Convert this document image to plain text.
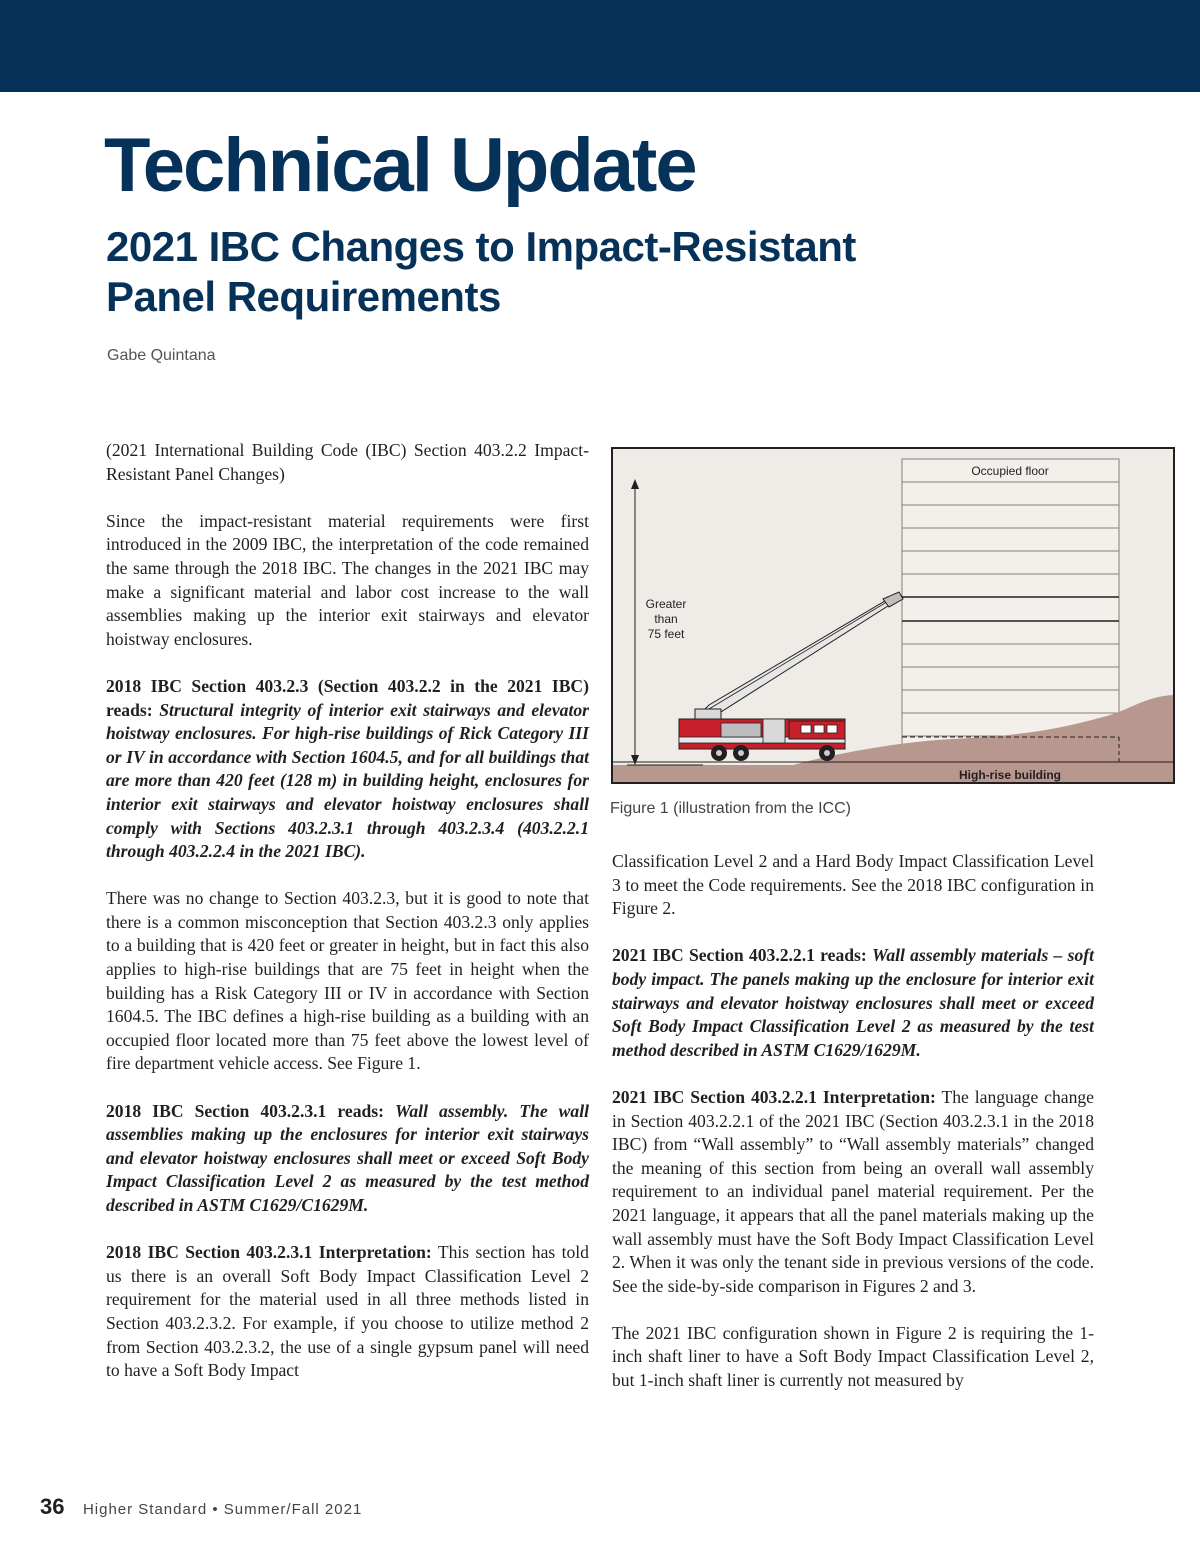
Technical Update
2021 IBC Changes to Impact-Resistant Panel Requirements
Gabe Quintana

(2021 International Building Code (IBC) Section 403.2.2 Impact-Resistant Panel Changes)

Since the impact-resistant material requirements were first introduced in the 2009 IBC, the interpretation of the code remained the same through the 2018 IBC. The changes in the 2021 IBC may make a significant material and labor cost increase to the wall assemblies making up the interior exit stairways and elevator hoistway enclosures.

2018 IBC Section 403.2.3 (Section 403.2.2 in the 2021 IBC) reads: Structural integrity of interior exit stairways and elevator hoistway enclosures. For high-rise buildings of Rick Category III or IV in accordance with Section 1604.5, and for all buildings that are more than 420 feet (128 m) in building height, enclosures for interior exit stairways and elevator hoistway enclosures shall comply with Sections 403.2.3.1 through 403.2.3.4 (403.2.2.1 through 403.2.2.4 in the 2021 IBC).

There was no change to Section 403.2.3, but it is good to note that there is a common misconception that Section 403.2.3 only applies to a building that is 420 feet or greater in height, but in fact this also applies to high-rise buildings that are 75 feet in height when the building has a Risk Category III or IV in accordance with Section 1604.5. The IBC defines a high-rise building as a building with an occupied floor located more than 75 feet above the lowest level of fire department vehicle access. See Figure 1.

2018 IBC Section 403.2.3.1 reads: Wall assembly. The wall assemblies making up the enclosures for interior exit stairways and elevator hoistway enclosures shall meet or exceed Soft Body Impact Classification Level 2 as measured by the test method described in ASTM C1629/C1629M.

2018 IBC Section 403.2.3.1 Interpretation: This section has told us there is an overall Soft Body Impact Classification Level 2 requirement for the material used in all three methods listed in Section 403.2.3.2. For example, if you choose to utilize method 2 from Section 403.2.3.2, the use of a single gypsum panel will need to have a Soft Body Impact

Occupied floor
Greater
than
75 feet
High-rise building
Figure 1 (illustration from the ICC)

Classification Level 2 and a Hard Body Impact Classification Level 3 to meet the Code requirements. See the 2018 IBC configuration in Figure 2.

2021 IBC Section 403.2.2.1 reads: Wall assembly materials – soft body impact. The panels making up the enclosure for interior exit stairways and elevator hoistway enclosures shall meet or exceed Soft Body Impact Classification Level 2 as measured by the test method described in ASTM C1629/1629M.

2021 IBC Section 403.2.2.1 Interpretation: The language change in Section 403.2.2.1 of the 2021 IBC (Section 403.2.3.1 in the 2018 IBC) from “Wall assembly” to “Wall assembly materials” changed the meaning of this section from being an overall wall assembly requirement to an individual panel material requirement. Per the 2021 language, it appears that all the panel materials making up the wall assembly must have the Soft Body Impact Classification Level 2. When it was only the tenant side in previous versions of the code. See the side-by-side comparison in Figures 2 and 3.

The 2021 IBC configuration shown in Figure 2 is requiring the 1-inch shaft liner to have a Soft Body Impact Classification Level 2, but 1-inch shaft liner is currently not measured by

36 Higher Standard • Summer/Fall 2021
